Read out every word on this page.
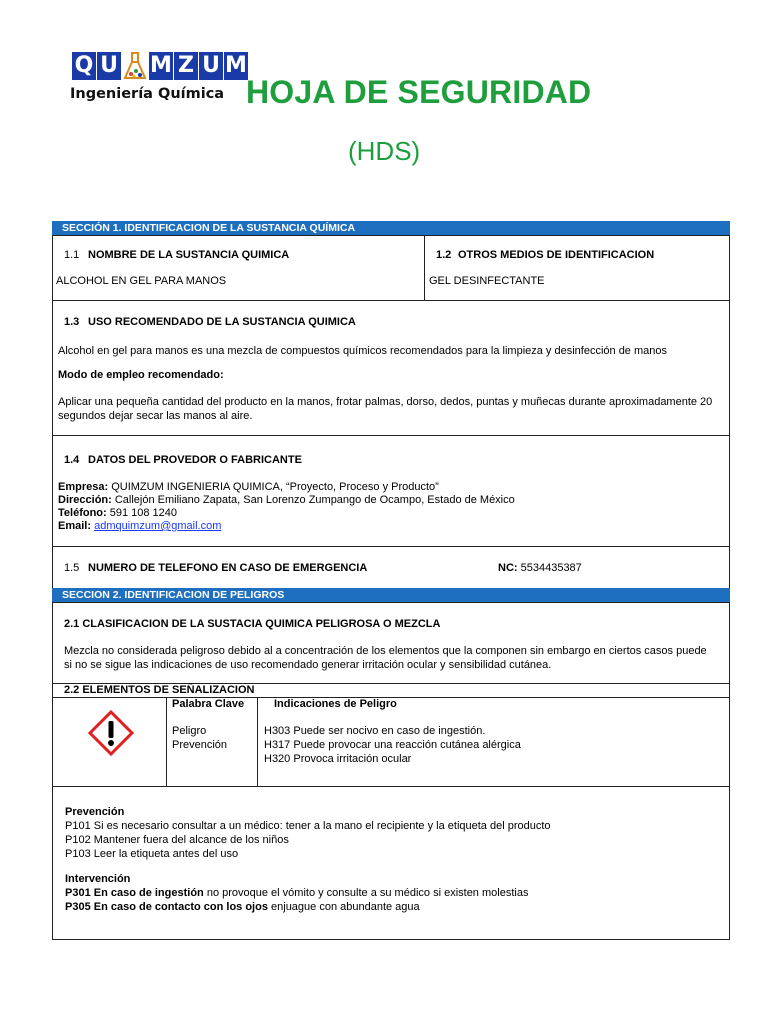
Q U M Z U M
Ingeniería Química HOJA DE SEGURIDAD
(HDS)
SECCIÓN 1. IDENTIFICACION DE LA SUSTANCIA QUÍMICA
1.1 NOMBRE DE LA SUSTANCIA QUIMICA
ALCOHOL EN GEL PARA MANOS
1.2 OTROS MEDIOS DE IDENTIFICACION
GEL DESINFECTANTE
1.3 USO RECOMENDADO DE LA SUSTANCIA QUIMICA
Alcohol en gel para manos es una mezcla de compuestos químicos recomendados para la limpieza y desinfección de manos
Modo de empleo recomendado:
Aplicar una pequeña cantidad del producto en la manos, frotar palmas, dorso, dedos, puntas y muñecas durante aproximadamente 20
segundos dejar secar las manos al aire.
1.4 DATOS DEL PROVEDOR O FABRICANTE
Empresa: QUIMZUM INGENIERIA QUIMICA, “Proyecto, Proceso y Producto”
Dirección: Callejón Emiliano Zapata, San Lorenzo Zumpango de Ocampo, Estado de México
Teléfono: 591 108 1240
Email: admquimzum@gmail.com
1.5 NUMERO DE TELEFONO EN CASO DE EMERGENCIA	NC: 5534435387
SECCION 2. IDENTIFICACION DE PELIGROS
2.1 CLASIFICACION DE LA SUSTACIA QUIMICA PELIGROSA O MEZCLA
Mezcla no considerada peligroso debido al a concentración de los elementos que la componen sin embargo en ciertos casos puede
si no se sigue las indicaciones de uso recomendado generar irritación ocular y sensibilidad cutánea.
2.2 ELEMENTOS DE SEÑALIZACION
Palabra Clave
Peligro
Prevención
Indicaciones de Peligro
H303 Puede ser nocivo en caso de ingestión.
H317 Puede provocar una reacción cutánea alérgica
H320 Provoca irritación ocular
Prevención
P101 Si es necesario consultar a un médico: tener a la mano el recipiente y la etiqueta del producto
P102 Mantener fuera del alcance de los niños
P103 Leer la etiqueta antes del uso
Intervención
P301 En caso de ingestión no provoque el vómito y consulte a su médico si existen molestias
P305 En caso de contacto con los ojos enjuague con abundante agua
